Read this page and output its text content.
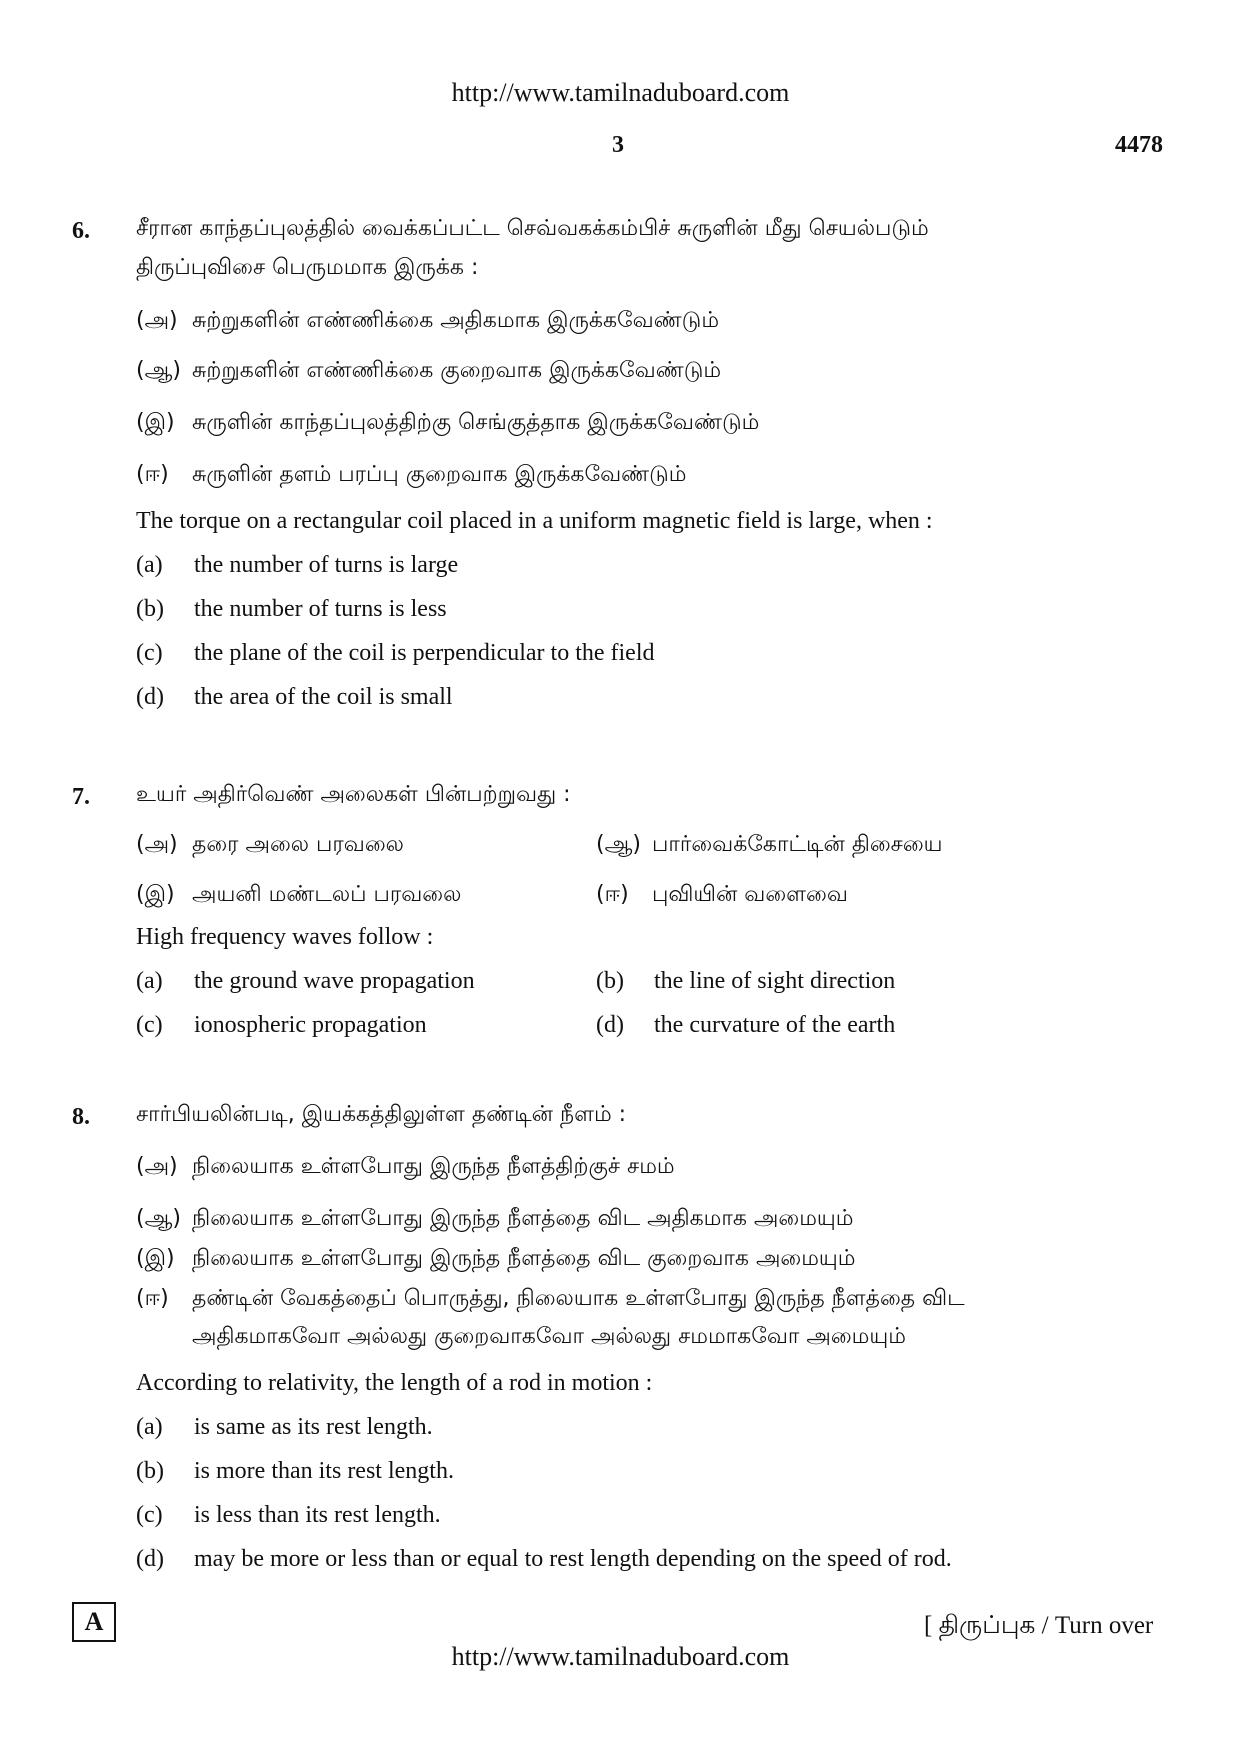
http://www.tamilnaduboard.com
3	4478
6. சீரான காந்தப்புலத்தில் வைக்கப்பட்ட செவ்வகக்கம்பிச் சுருளின் மீது செயல்படும்
திருப்புவிசை பெருமமாக இருக்க :
(அ) சுற்றுகளின் எண்ணிக்கை அதிகமாக இருக்கவேண்டும்
(ஆ) சுற்றுகளின் எண்ணிக்கை குறைவாக இருக்கவேண்டும்
(இ) சுருளின் காந்தப்புலத்திற்கு செங்குத்தாக இருக்கவேண்டும்
(ஈ) சுருளின் தளம் பரப்பு குறைவாக இருக்கவேண்டும்
The torque on a rectangular coil placed in a uniform magnetic field is large, when :
(a) the number of turns is large
(b) the number of turns is less
(c) the plane of the coil is perpendicular to the field
(d) the area of the coil is small
7. உயர் அதிர்வெண் அலைகள் பின்பற்றுவது :
(அ) தரை அலை பரவலை	(ஆ) பார்வைக்கோட்டின் திசையை
(இ) அயனி மண்டலப் பரவலை	(ஈ) புவியின் வளைவை
High frequency waves follow :
(a) the ground wave propagation	(b) the line of sight direction
(c) ionospheric propagation	(d) the curvature of the earth
8. சார்பியலின்படி, இயக்கத்திலுள்ள தண்டின் நீளம் :
(அ) நிலையாக உள்ளபோது இருந்த நீளத்திற்குச் சமம்
(ஆ) நிலையாக உள்ளபோது இருந்த நீளத்தை விட அதிகமாக அமையும்
(இ) நிலையாக உள்ளபோது இருந்த நீளத்தை விட குறைவாக அமையும்
(ஈ) தண்டின் வேகத்தைப் பொருத்து, நிலையாக உள்ளபோது இருந்த நீளத்தை விட
அதிகமாகவோ அல்லது குறைவாகவோ அல்லது சமமாகவோ அமையும்
According to relativity, the length of a rod in motion :
(a) is same as its rest length.
(b) is more than its rest length.
(c) is less than its rest length.
(d) may be more or less than or equal to rest length depending on the speed of rod.
A
http://www.tamilnaduboard.com
[ திருப்புக / Turn over
